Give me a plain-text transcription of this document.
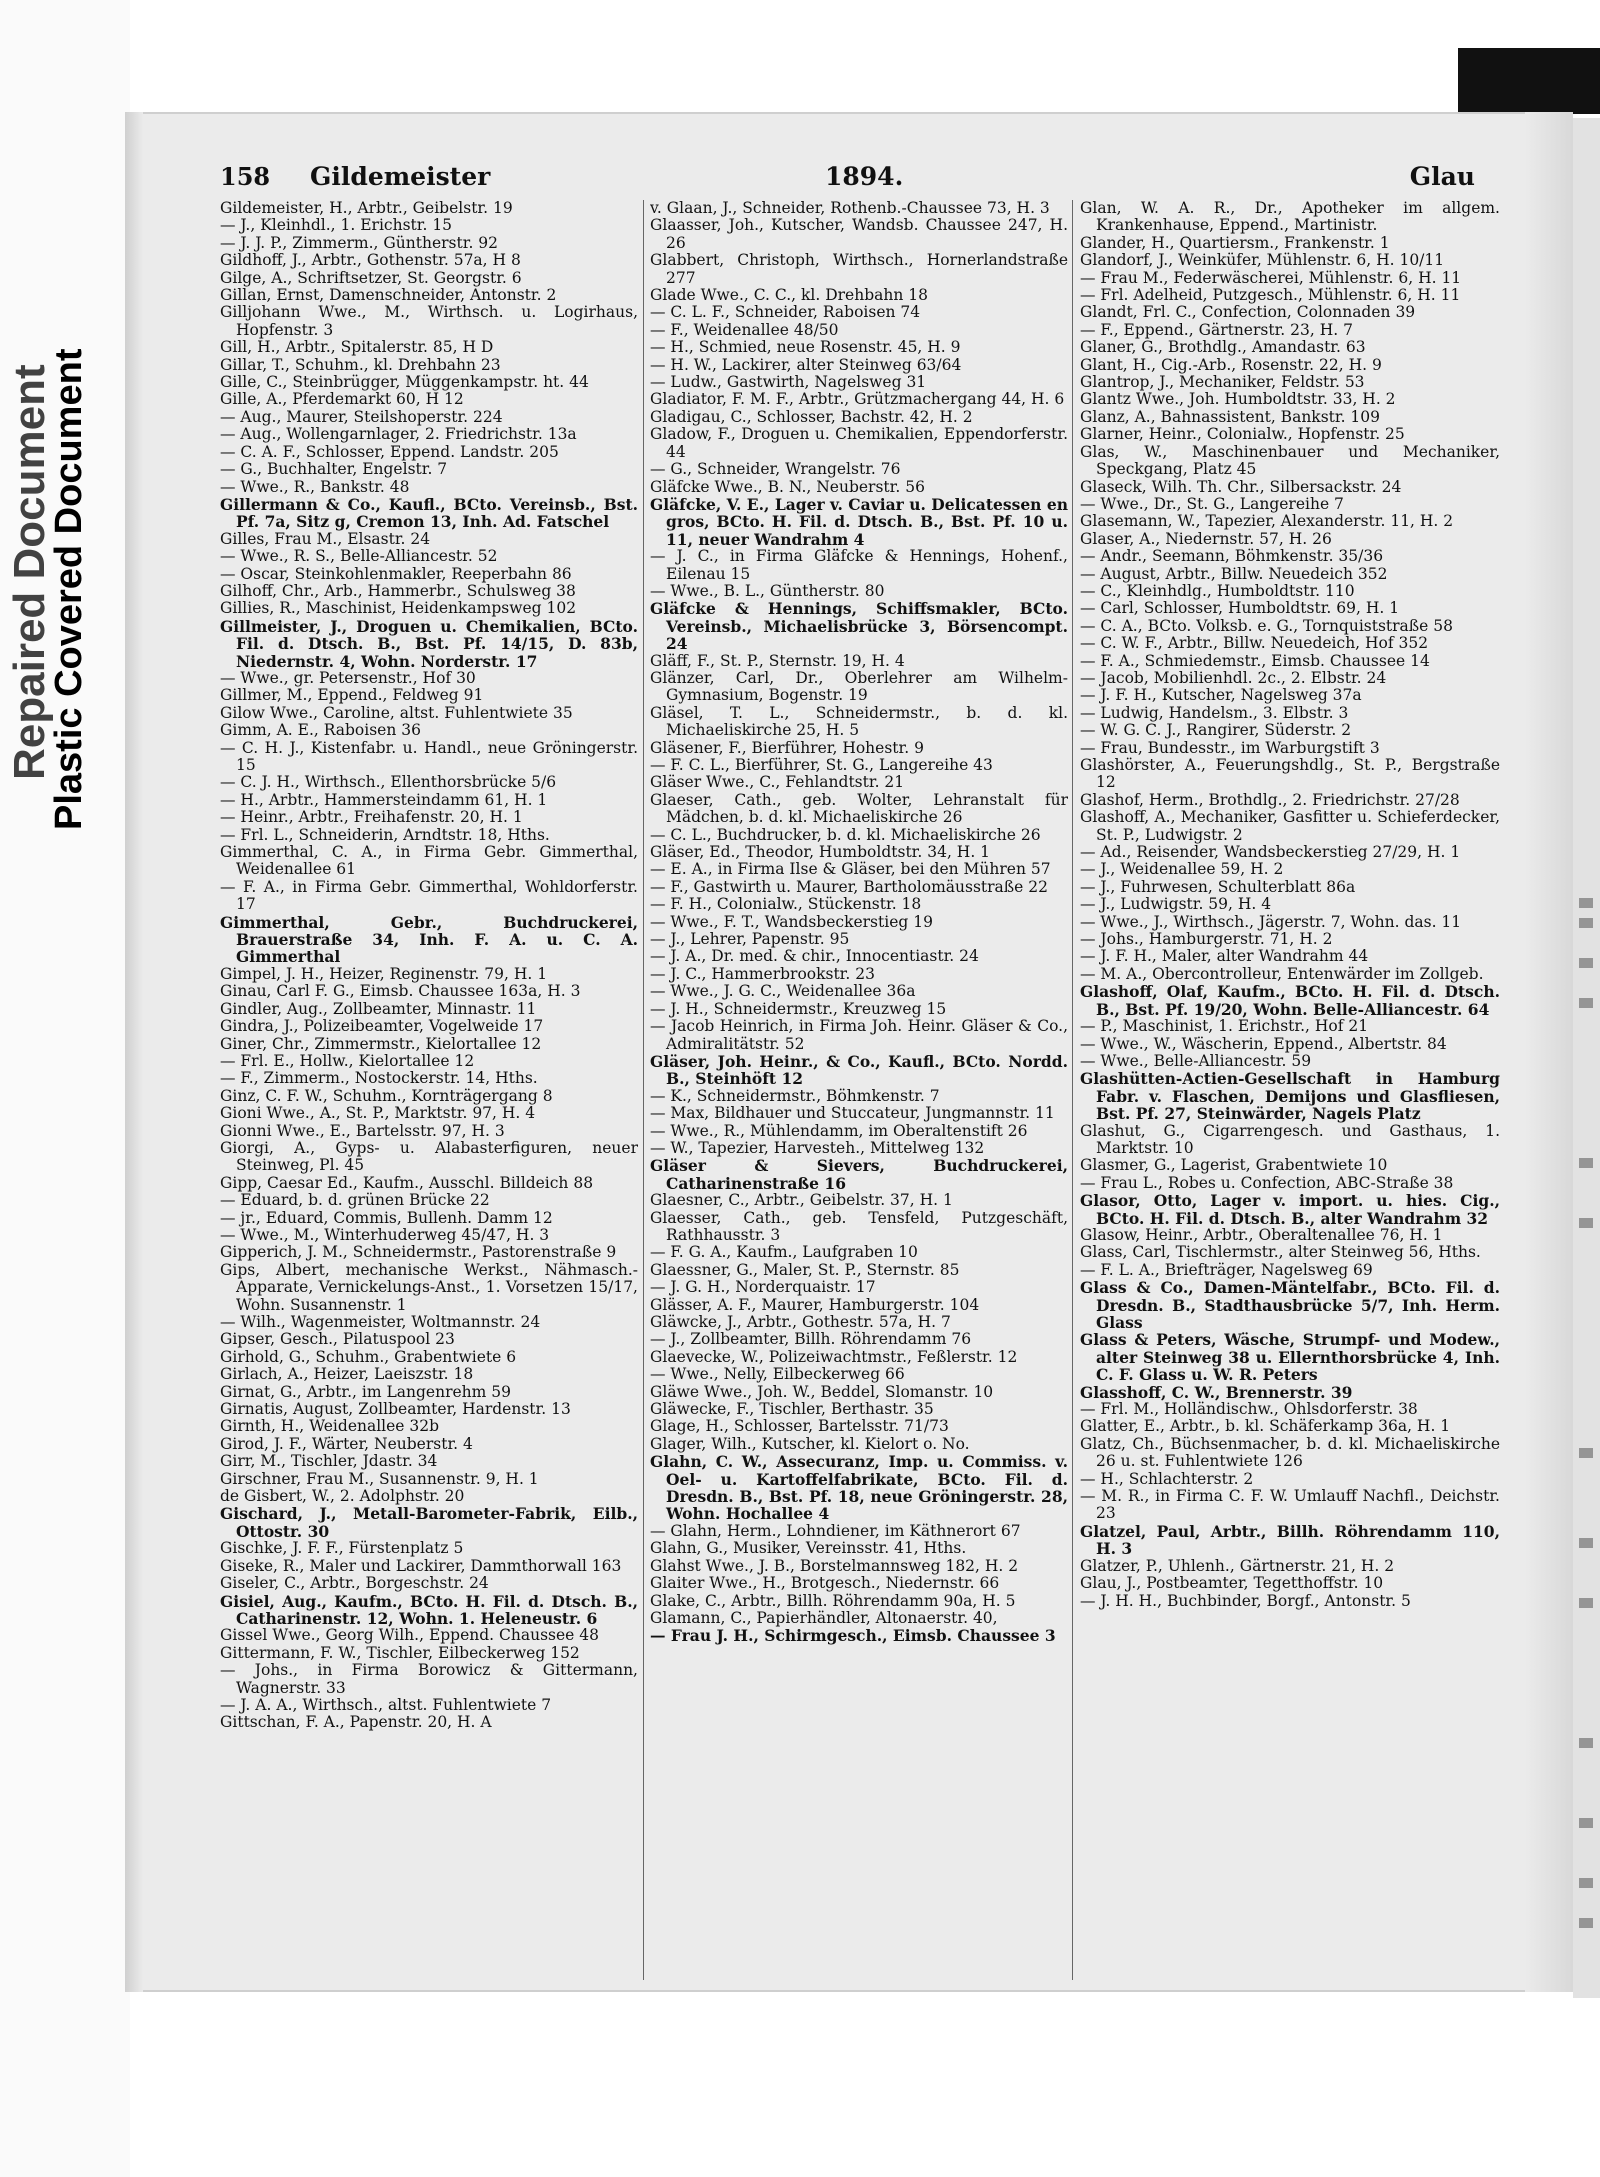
Repaired Document
Plastic Covered Document
158 Gildemeister	1894.	Glau

Gildemeister, H., Arbtr., Geibelstr. 19

— J., Kleinhdl., 1. Erichstr. 15

— J. J. P., Zimmerm., Güntherstr. 92

Gildhoff, J., Arbtr., Gothenstr. 57a, H 8

Gilge, A., Schriftsetzer, St. Georgstr. 6

Gillan, Ernst, Damenschneider, Antonstr. 2

Gilljohann Wwe., M., Wirthsch. u. Logirhaus, Hopfenstr. 3

Gill, H., Arbtr., Spitalerstr. 85, H D

Gillar, T., Schuhm., kl. Drehbahn 23

Gille, C., Steinbrügger, Müggenkampstr. ht. 44

Gille, A., Pferdemarkt 60, H 12

— Aug., Maurer, Steilshoperstr. 224

— Aug., Wollengarnlager, 2. Friedrichstr. 13a

— C. A. F., Schlosser, Eppend. Landstr. 205

— G., Buchhalter, Engelstr. 7

— Wwe., R., Bankstr. 48

Gillermann & Co., Kaufl., BCto. Vereinsb., Bst. Pf. 7a, Sitz g, Cremon 13, Inh. Ad. Fatschel

Gilles, Frau M., Elsastr. 24

— Wwe., R. S., Belle-Alliancestr. 52

— Oscar, Steinkohlenmakler, Reeperbahn 86

Gilhoff, Chr., Arb., Hammerbr., Schulsweg 38

Gillies, R., Maschinist, Heidenkampsweg 102

Gillmeister, J., Droguen u. Chemikalien, BCto. Fil. d. Dtsch. B., Bst. Pf. 14/15, D. 83b, Niedernstr. 4, Wohn. Norderstr. 17

— Wwe., gr. Petersenstr., Hof 30

Gillmer, M., Eppend., Feldweg 91

Gilow Wwe., Caroline, altst. Fuhlentwiete 35

Gimm, A. E., Raboisen 36

— C. H. J., Kistenfabr. u. Handl., neue Gröningerstr. 15

— C. J. H., Wirthsch., Ellenthorsbrücke 5/6

— H., Arbtr., Hammersteindamm 61, H. 1

— Heinr., Arbtr., Freihafenstr. 20, H. 1

— Frl. L., Schneiderin, Arndtstr. 18, Hths.

Gimmerthal, C. A., in Firma Gebr. Gimmerthal, Weidenallee 61

— F. A., in Firma Gebr. Gimmerthal, Wohldorferstr. 17

Gimmerthal, Gebr., Buchdruckerei, Brauerstraße 34, Inh. F. A. u. C. A. Gimmerthal

Gimpel, J. H., Heizer, Reginenstr. 79, H. 1

Ginau, Carl F. G., Eimsb. Chaussee 163a, H. 3

Gindler, Aug., Zollbeamter, Minnastr. 11

Gindra, J., Polizeibeamter, Vogelweide 17

Giner, Chr., Zimmermstr., Kielortallee 12

— Frl. E., Hollw., Kielortallee 12

— F., Zimmerm., Nostockerstr. 14, Hths.

Ginz, C. F. W., Schuhm., Kornträgergang 8

Gioni Wwe., A., St. P., Marktstr. 97, H. 4

Gionni Wwe., E., Bartelsstr. 97, H. 3

Giorgi, A., Gyps- u. Alabasterfiguren, neuer Steinweg, Pl. 45

Gipp, Caesar Ed., Kaufm., Ausschl. Billdeich 88

— Eduard, b. d. grünen Brücke 22

— jr., Eduard, Commis, Bullenh. Damm 12

— Wwe., M., Winterhuderweg 45/47, H. 3

Gipperich, J. M., Schneidermstr., Pastorenstraße 9

Gips, Albert, mechanische Werkst., Nähmasch.-Apparate, Vernickelungs-Anst., 1. Vorsetzen 15/17, Wohn. Susannenstr. 1

— Wilh., Wagenmeister, Woltmannstr. 24

Gipser, Gesch., Pilatuspool 23

Girhold, G., Schuhm., Grabentwiete 6

Girlach, A., Heizer, Laeiszstr. 18

Girnat, G., Arbtr., im Langenrehm 59

Girnatis, August, Zollbeamter, Hardenstr. 13

Girnth, H., Weidenallee 32b

Girod, J. F., Wärter, Neuberstr. 4

Girr, M., Tischler, Jdastr. 34

Girschner, Frau M., Susannenstr. 9, H. 1

de Gisbert, W., 2. Adolphstr. 20

Gischard, J., Metall-Barometer-Fabrik, Eilb., Ottostr. 30

Gischke, J. F. F., Fürstenplatz 5

Giseke, R., Maler und Lackirer, Dammthorwall 163

Giseler, C., Arbtr., Borgeschstr. 24

Gisiel, Aug., Kaufm., BCto. H. Fil. d. Dtsch. B., Catharinenstr. 12, Wohn. 1. Heleneustr. 6

Gissel Wwe., Georg Wilh., Eppend. Chaussee 48

Gittermann, F. W., Tischler, Eilbeckerweg 152

— Johs., in Firma Borowicz & Gittermann, Wagnerstr. 33

— J. A. A., Wirthsch., altst. Fuhlentwiete 7

Gittschan, F. A., Papenstr. 20, H. A

v. Glaan, J., Schneider, Rothenb.-Chaussee 73, H. 3

Glaasser, Joh., Kutscher, Wandsb. Chaussee 247, H. 26

Glabbert, Christoph, Wirthsch., Hornerlandstraße 277

Glade Wwe., C. C., kl. Drehbahn 18

— C. L. F., Schneider, Raboisen 74

— F., Weidenallee 48/50

— H., Schmied, neue Rosenstr. 45, H. 9

— H. W., Lackirer, alter Steinweg 63/64

— Ludw., Gastwirth, Nagelsweg 31

Gladiator, F. M. F., Arbtr., Grützmachergang 44, H. 6

Gladigau, C., Schlosser, Bachstr. 42, H. 2

Gladow, F., Droguen u. Chemikalien, Eppendorferstr. 44

— G., Schneider, Wrangelstr. 76

Gläfcke Wwe., B. N., Neuberstr. 56

Gläfcke, V. E., Lager v. Caviar u. Delicatessen en gros, BCto. H. Fil. d. Dtsch. B., Bst. Pf. 10 u. 11, neuer Wandrahm 4

— J. C., in Firma Gläfcke & Hennings, Hohenf., Eilenau 15

— Wwe., B. L., Güntherstr. 80

Gläfcke & Hennings, Schiffsmakler, BCto. Vereinsb., Michaelisbrücke 3, Börsencompt. 24

Gläff, F., St. P., Sternstr. 19, H. 4

Glänzer, Carl, Dr., Oberlehrer am Wilhelm-Gymnasium, Bogenstr. 19

Gläsel, T. L., Schneidermstr., b. d. kl. Michaeliskirche 25, H. 5

Gläsener, F., Bierführer, Hohestr. 9

— F. C. L., Bierführer, St. G., Langereihe 43

Gläser Wwe., C., Fehlandtstr. 21

Glaeser, Cath., geb. Wolter, Lehranstalt für Mädchen, b. d. kl. Michaeliskirche 26

— C. L., Buchdrucker, b. d. kl. Michaeliskirche 26

Gläser, Ed., Theodor, Humboldtstr. 34, H. 1

— E. A., in Firma Ilse & Gläser, bei den Mühren 57

— F., Gastwirth u. Maurer, Bartholomäusstraße 22

— F. H., Colonialw., Stückenstr. 18

— Wwe., F. T., Wandsbeckerstieg 19

— J., Lehrer, Papenstr. 95

— J. A., Dr. med. & chir., Innocentiastr. 24

— J. C., Hammerbrookstr. 23

— Wwe., J. G. C., Weidenallee 36a

— J. H., Schneidermstr., Kreuzweg 15

— Jacob Heinrich, in Firma Joh. Heinr. Gläser & Co., Admiralitätstr. 52

Gläser, Joh. Heinr., & Co., Kaufl., BCto. Nordd. B., Steinhöft 12

— K., Schneidermstr., Böhmkenstr. 7

— Max, Bildhauer und Stuccateur, Jungmannstr. 11

— Wwe., R., Mühlendamm, im Oberaltenstift 26

— W., Tapezier, Harvesteh., Mittelweg 132

Gläser & Sievers, Buchdruckerei, Catharinenstraße 16

Glaesner, C., Arbtr., Geibelstr. 37, H. 1

Glaesser, Cath., geb. Tensfeld, Putzgeschäft, Rathhausstr. 3

— F. G. A., Kaufm., Laufgraben 10

Glaessner, G., Maler, St. P., Sternstr. 85

— J. G. H., Norderquaistr. 17

Glässer, A. F., Maurer, Hamburgerstr. 104

Gläwcke, J., Arbtr., Gothestr. 57a, H. 7

— J., Zollbeamter, Billh. Röhrendamm 76

Glaevecke, W., Polizeiwachtmstr., Feßlerstr. 12

— Wwe., Nelly, Eilbeckerweg 66

Gläwe Wwe., Joh. W., Beddel, Slomanstr. 10

Gläwecke, F., Tischler, Berthastr. 35

Glage, H., Schlosser, Bartelsstr. 71/73

Glager, Wilh., Kutscher, kl. Kielort o. No.

Glahn, C. W., Assecuranz, Imp. u. Commiss. v. Oel- u. Kartoffelfabrikate, BCto. Fil. d. Dresdn. B., Bst. Pf. 18, neue Gröningerstr. 28, Wohn. Hochallee 4

— Glahn, Herm., Lohndiener, im Käthnerort 67

Glahn, G., Musiker, Vereinsstr. 41, Hths.

Glahst Wwe., J. B., Borstelmannsweg 182, H. 2

Glaiter Wwe., H., Brotgesch., Niedernstr. 66

Glake, C., Arbtr., Billh. Röhrendamm 90a, H. 5

Glamann, C., Papierhändler, Altonaerstr. 40,

— Frau J. H., Schirmgesch., Eimsb. Chaussee 3

Glan, W. A. R., Dr., Apotheker im allgem. Krankenhause, Eppend., Martinistr.

Glander, H., Quartiersm., Frankenstr. 1

Glandorf, J., Weinküfer, Mühlenstr. 6, H. 10/11

— Frau M., Federwäscherei, Mühlenstr. 6, H. 11

— Frl. Adelheid, Putzgesch., Mühlenstr. 6, H. 11

Glandt, Frl. C., Confection, Colonnaden 39

— F., Eppend., Gärtnerstr. 23, H. 7

Glaner, G., Brothdlg., Amandastr. 63

Glant, H., Cig.-Arb., Rosenstr. 22, H. 9

Glantrop, J., Mechaniker, Feldstr. 53

Glantz Wwe., Joh. Humboldtstr. 33, H. 2

Glanz, A., Bahnassistent, Bankstr. 109

Glarner, Heinr., Colonialw., Hopfenstr. 25

Glas, W., Maschinenbauer und Mechaniker, Speckgang, Platz 45

Glaseck, Wilh. Th. Chr., Silbersackstr. 24

— Wwe., Dr., St. G., Langereihe 7

Glasemann, W., Tapezier, Alexanderstr. 11, H. 2

Glaser, A., Niedernstr. 57, H. 26

— Andr., Seemann, Böhmkenstr. 35/36

— August, Arbtr., Billw. Neuedeich 352

— C., Kleinhdlg., Humboldtstr. 110

— Carl, Schlosser, Humboldtstr. 69, H. 1

— C. A., BCto. Volksb. e. G., Tornquiststraße 58

— C. W. F., Arbtr., Billw. Neuedeich, Hof 352

— F. A., Schmiedemstr., Eimsb. Chaussee 14

— Jacob, Mobilienhdl. 2c., 2. Elbstr. 24

— J. F. H., Kutscher, Nagelsweg 37a

— Ludwig, Handelsm., 3. Elbstr. 3

— W. G. C. J., Rangirer, Süderstr. 2

— Frau, Bundesstr., im Warburgstift 3

Glashörster, A., Feuerungshdlg., St. P., Bergstraße 12

Glashof, Herm., Brothdlg., 2. Friedrichstr. 27/28

Glashoff, A., Mechaniker, Gasfitter u. Schieferdecker, St. P., Ludwigstr. 2

— Ad., Reisender, Wandsbeckerstieg 27/29, H. 1

— J., Weidenallee 59, H. 2

— J., Fuhrwesen, Schulterblatt 86a

— J., Ludwigstr. 59, H. 4

— Wwe., J., Wirthsch., Jägerstr. 7, Wohn. das. 11

— Johs., Hamburgerstr. 71, H. 2

— J. F. H., Maler, alter Wandrahm 44

— M. A., Obercontrolleur, Entenwärder im Zollgeb.

Glashoff, Olaf, Kaufm., BCto. H. Fil. d. Dtsch. B., Bst. Pf. 19/20, Wohn. Belle-Alliancestr. 64

— P., Maschinist, 1. Erichstr., Hof 21

— Wwe., W., Wäscherin, Eppend., Albertstr. 84

— Wwe., Belle-Alliancestr. 59

Glashütten-Actien-Gesellschaft in Hamburg Fabr. v. Flaschen, Demijons und Glasfliesen, Bst. Pf. 27, Steinwärder, Nagels Platz

Glashut, G., Cigarrengesch. und Gasthaus, 1. Marktstr. 10

Glasmer, G., Lagerist, Grabentwiete 10

— Frau L., Robes u. Confection, ABC-Straße 38

Glasor, Otto, Lager v. import. u. hies. Cig., BCto. H. Fil. d. Dtsch. B., alter Wandrahm 32

Glasow, Heinr., Arbtr., Oberaltenallee 76, H. 1

Glass, Carl, Tischlermstr., alter Steinweg 56, Hths.

— F. L. A., Briefträger, Nagelsweg 69

Glass & Co., Damen-Mäntelfabr., BCto. Fil. d. Dresdn. B., Stadthausbrücke 5/7, Inh. Herm. Glass

Glass & Peters, Wäsche, Strumpf- und Modew., alter Steinweg 38 u. Ellernthorsbrücke 4, Inh. C. F. Glass u. W. R. Peters

Glasshoff, C. W., Brennerstr. 39

— Frl. M., Holländischw., Ohlsdorferstr. 38

Glatter, E., Arbtr., b. kl. Schäferkamp 36a, H. 1

Glatz, Ch., Büchsenmacher, b. d. kl. Michaeliskirche 26 u. st. Fuhlentwiete 126

— H., Schlachterstr. 2

— M. R., in Firma C. F. W. Umlauff Nachfl., Deichstr. 23

Glatzel, Paul, Arbtr., Billh. Röhrendamm 110, H. 3

Glatzer, P., Uhlenh., Gärtnerstr. 21, H. 2

Glau, J., Postbeamter, Tegetthoffstr. 10

— J. H. H., Buchbinder, Borgf., Antonstr. 5
